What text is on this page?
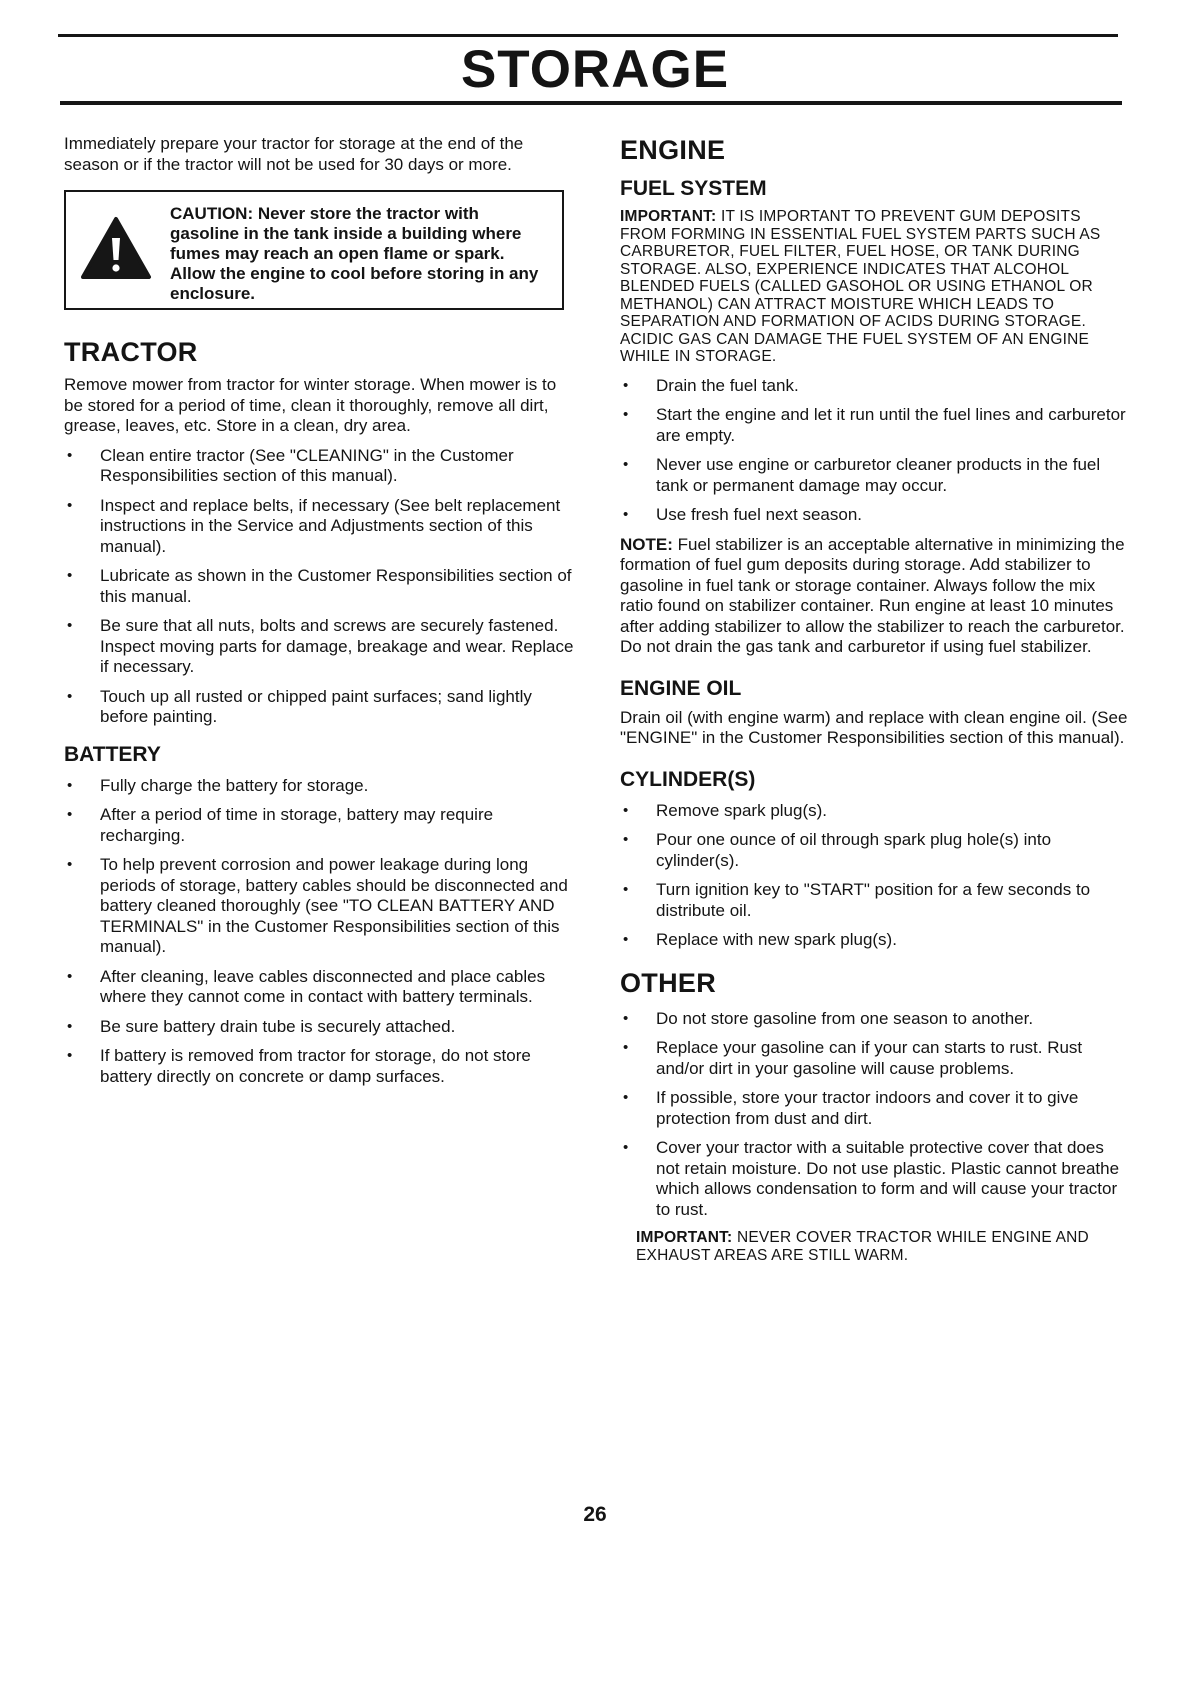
STORAGE

Immediately prepare your tractor for storage at the end of the season or if the tractor will not be used for 30 days or more.

CAUTION: Never store the tractor with gasoline in the tank inside a building where fumes may reach an open flame or spark. Allow the engine to cool before storing in any enclosure.
TRACTOR

Remove mower from tractor for winter storage. When mower is to be stored for a period of time, clean it thoroughly, remove all dirt, grease, leaves, etc. Store in a clean, dry area.

• Clean entire tractor (See "CLEANING" in the Customer Responsibilities section of this manual).
• Inspect and replace belts, if necessary (See belt replacement instructions in the Service and Adjustments section of this manual).
• Lubricate as shown in the Customer Responsibilities section of this manual.
• Be sure that all nuts, bolts and screws are securely fastened. Inspect moving parts for damage, breakage and wear. Replace if necessary.
• Touch up all rusted or chipped paint surfaces; sand lightly before painting.
BATTERY
• Fully charge the battery for storage.
• After a period of time in storage, battery may require recharging.
• To help prevent corrosion and power leakage during long periods of storage, battery cables should be disconnected and battery cleaned thoroughly (see "TO CLEAN BATTERY AND TERMINALS" in the Customer Responsibilities section of this manual).
• After cleaning, leave cables disconnected and place cables where they cannot come in contact with battery terminals.
• Be sure battery drain tube is securely attached.
• If battery is removed from tractor for storage, do not store battery directly on concrete or damp surfaces.
ENGINE
FUEL SYSTEM

IMPORTANT: IT IS IMPORTANT TO PREVENT GUM DEPOSITS FROM FORMING IN ESSENTIAL FUEL SYSTEM PARTS SUCH AS CARBURETOR, FUEL FILTER, FUEL HOSE, OR TANK DURING STORAGE. ALSO, EXPERIENCE INDICATES THAT ALCOHOL BLENDED FUELS (CALLED GASOHOL OR USING ETHANOL OR METHANOL) CAN ATTRACT MOISTURE WHICH LEADS TO SEPARATION AND FORMATION OF ACIDS DURING STORAGE. ACIDIC GAS CAN DAMAGE THE FUEL SYSTEM OF AN ENGINE WHILE IN STORAGE.

• Drain the fuel tank.
• Start the engine and let it run until the fuel lines and carburetor are empty.
• Never use engine or carburetor cleaner products in the fuel tank or permanent damage may occur.
• Use fresh fuel next season.

NOTE: Fuel stabilizer is an acceptable alternative in minimizing the formation of fuel gum deposits during storage. Add stabilizer to gasoline in fuel tank or storage container. Always follow the mix ratio found on stabilizer container. Run engine at least 10 minutes after adding stabilizer to allow the stabilizer to reach the carburetor. Do not drain the gas tank and carburetor if using fuel stabilizer.

ENGINE OIL

Drain oil (with engine warm) and replace with clean engine oil. (See "ENGINE" in the Customer Responsibilities section of this manual).

CYLINDER(S)
• Remove spark plug(s).
• Pour one ounce of oil through spark plug hole(s) into cylinder(s).
• Turn ignition key to "START" position for a few seconds to distribute oil.
• Replace with new spark plug(s).
OTHER
• Do not store gasoline from one season to another.
• Replace your gasoline can if your can starts to rust. Rust and/or dirt in your gasoline will cause problems.
• If possible, store your tractor indoors and cover it to give protection from dust and dirt.
• Cover your tractor with a suitable protective cover that does not retain moisture. Do not use plastic. Plastic cannot breathe which allows condensation to form and will cause your tractor to rust.

IMPORTANT: NEVER COVER TRACTOR WHILE ENGINE AND EXHAUST AREAS ARE STILL WARM.

26
